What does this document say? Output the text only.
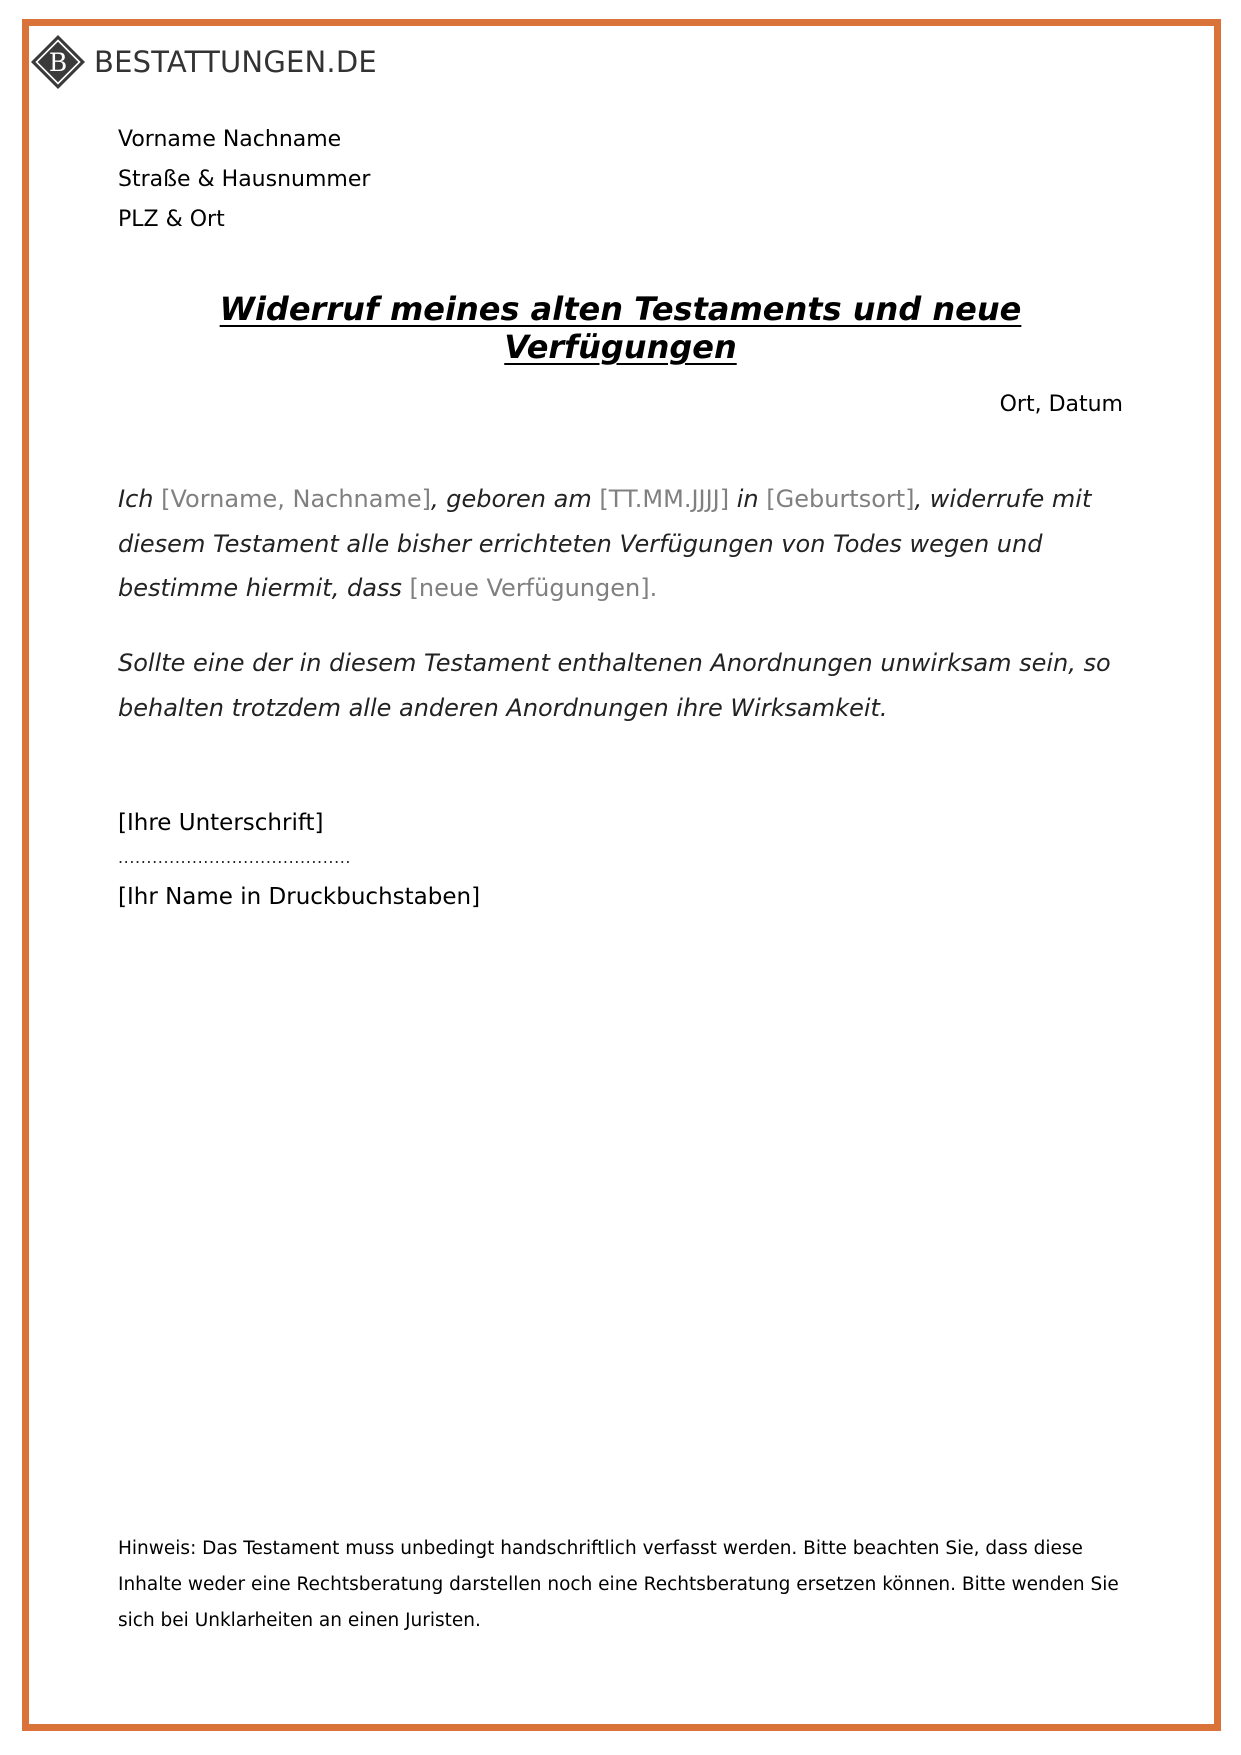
B BESTATTUNGEN.DE
Vorname Nachname
Straße & Hausnummer
PLZ & Ort
Widerruf meines alten Testaments und neue Verfügungen
Ort, Datum
Ich [Vorname, Nachname], geboren am [TT.MM.JJJJ] in [Geburtsort], widerrufe mit diesem Testament alle bisher errichteten Verfügungen von Todes wegen und bestimme hiermit, dass [neue Verfügungen].
Sollte eine der in diesem Testament enthaltenen Anordnungen unwirksam sein, so behalten trotzdem alle anderen Anordnungen ihre Wirksamkeit.
[Ihre Unterschrift]
.........................................
[Ihr Name in Druckbuchstaben]
Hinweis: Das Testament muss unbedingt handschriftlich verfasst werden. Bitte beachten Sie, dass diese Inhalte weder eine Rechtsberatung darstellen noch eine Rechtsberatung ersetzen können. Bitte wenden Sie sich bei Unklarheiten an einen Juristen.
